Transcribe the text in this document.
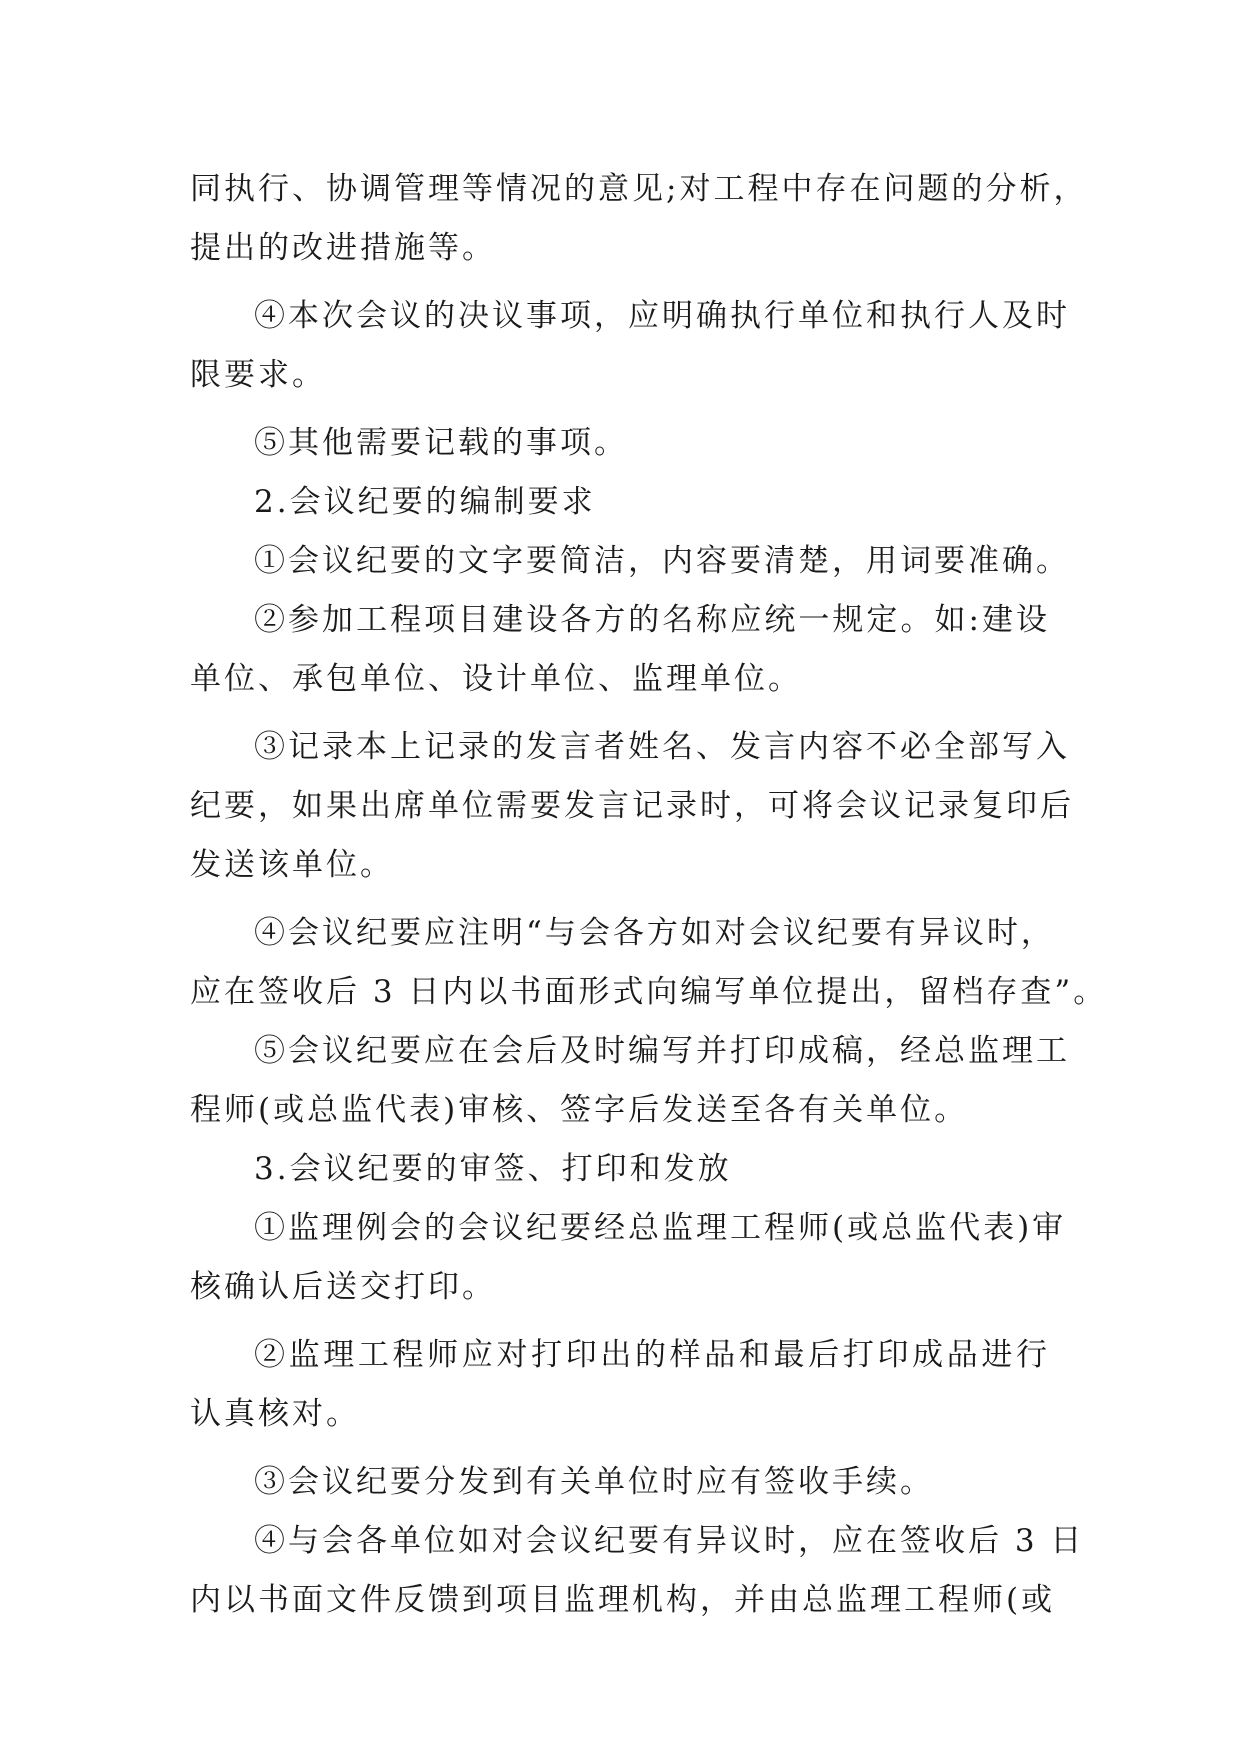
同执行、协调管理等情况的意见;对工程中存在问题的分析，
提出的改进措施等。
④本次会议的决议事项，应明确执行单位和执行人及时
限要求。
⑤其他需要记载的事项。
2.会议纪要的编制要求
①会议纪要的文字要简洁，内容要清楚，用词要准确。
②参加工程项目建设各方的名称应统一规定。如:建设
单位、承包单位、设计单位、监理单位。
③记录本上记录的发言者姓名、发言内容不必全部写入
纪要，如果出席单位需要发言记录时，可将会议记录复印后
发送该单位。
④会议纪要应注明“与会各方如对会议纪要有异议时，
应在签收后 3 日内以书面形式向编写单位提出，留档存查”。
⑤会议纪要应在会后及时编写并打印成稿，经总监理工
程师(或总监代表)审核、签字后发送至各有关单位。
3.会议纪要的审签、打印和发放
①监理例会的会议纪要经总监理工程师(或总监代表)审
核确认后送交打印。
②监理工程师应对打印出的样品和最后打印成品进行
认真核对。
③会议纪要分发到有关单位时应有签收手续。
④与会各单位如对会议纪要有异议时，应在签收后 3 日
内以书面文件反馈到项目监理机构，并由总监理工程师(或
